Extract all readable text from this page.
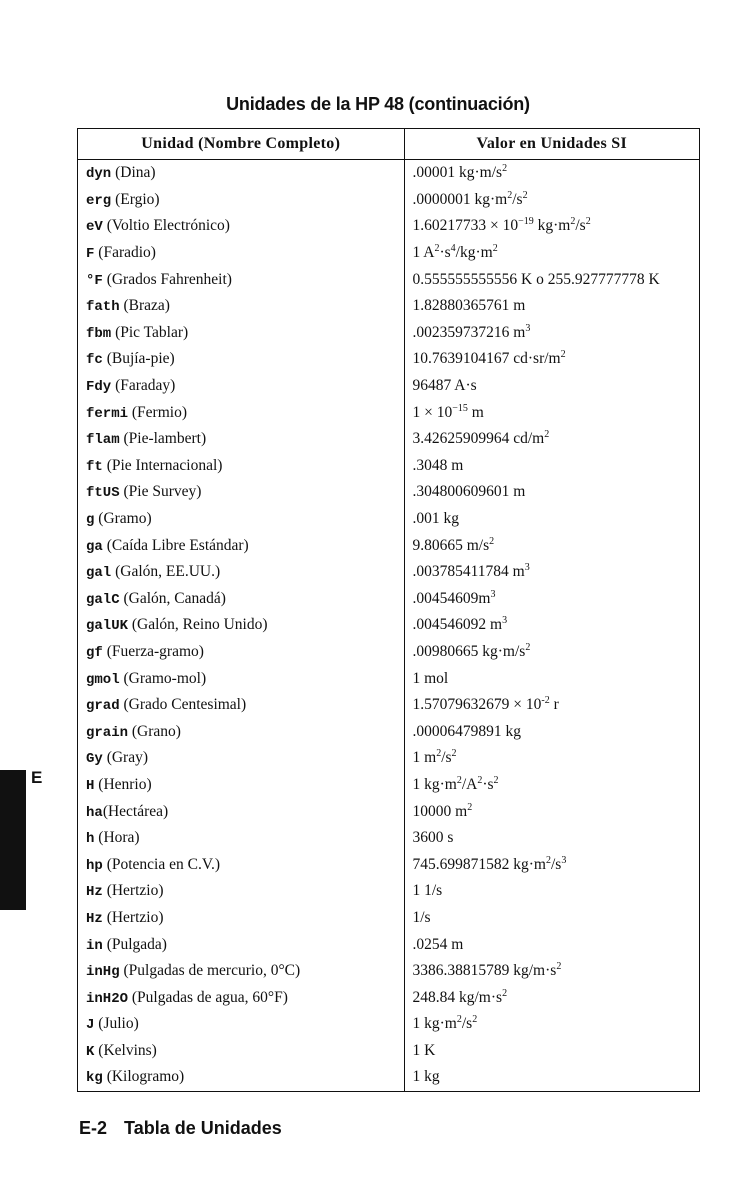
Unidades de la HP 48 (continuación)
Unidad (Nombre Completo)	Valor en Unidades SI
dyn (Dina)	.00001 $kg\cdot m/s^2$
erg (Ergio)	.0000001 $kg\cdot m^2/s^2$
eV (Voltio Electrónico)	$1.60217733 \times 10^{-19}$ $kg\cdot m^2/s^2$
F (Faradio)	1 $A^2\cdot s^4/kg\cdot m^2$
°F (Grados Fahrenheit)	0.555555555556 K o 255.927777778 K
fath (Braza)	1.82880365761 m
fbm (Pic Tablar)	.002359737216 $m^3$
fc (Bujía-pie)	10.7639104167 $cd\cdot sr/m^2$
Fdy (Faraday)	96487 A·s
fermi (Fermio)	$1 \times 10^{-15}$ m
flam (Pie-lambert)	3.42625909964 $cd/m^2$
ft (Pie Internacional)	.3048 m
ftUS (Pie Survey)	.304800609601 m
g (Gramo)	.001 kg
ga (Caída Libre Estándar)	9.80665 $m/s^2$
gal (Galón, EE.UU.)	.003785411784 $m^3$
galC (Galón, Canadá)	$.00454609m^3$
galUK (Galón, Reino Unido)	.004546092 $m^3$
gf (Fuerza-gramo)	.00980665 $kg\cdot m/s^2$
gmol (Gramo-mol)	1 mol
grad (Grado Centesimal)	$1.57079632679 \times 10^{-2}$ r
grain (Grano)	.00006479891 kg
Gy (Gray)	1 $m^2/s^2$
H (Henrio)	1 $kg\cdot m^2/A^2\cdot s^2$
ha(Hectárea)	10000 $m^2$
h (Hora)	3600 s
hp (Potencia en C.V.)	745.699871582 $kg\cdot m^2/s^3$
Hz (Hertzio)	1 1/s
Hz (Hertzio)	1/s
in (Pulgada)	.0254 m
inHg (Pulgadas de mercurio, 0°C)	3386.38815789 $kg/m\cdot s^2$
inH2O (Pulgadas de agua, 60°F)	248.84 $kg/m\cdot s^2$
J (Julio)	1 $kg\cdot m^2/s^2$
K (Kelvins)	1 K
kg (Kilogramo)	1 kg
E
E-2 Tabla de Unidades
